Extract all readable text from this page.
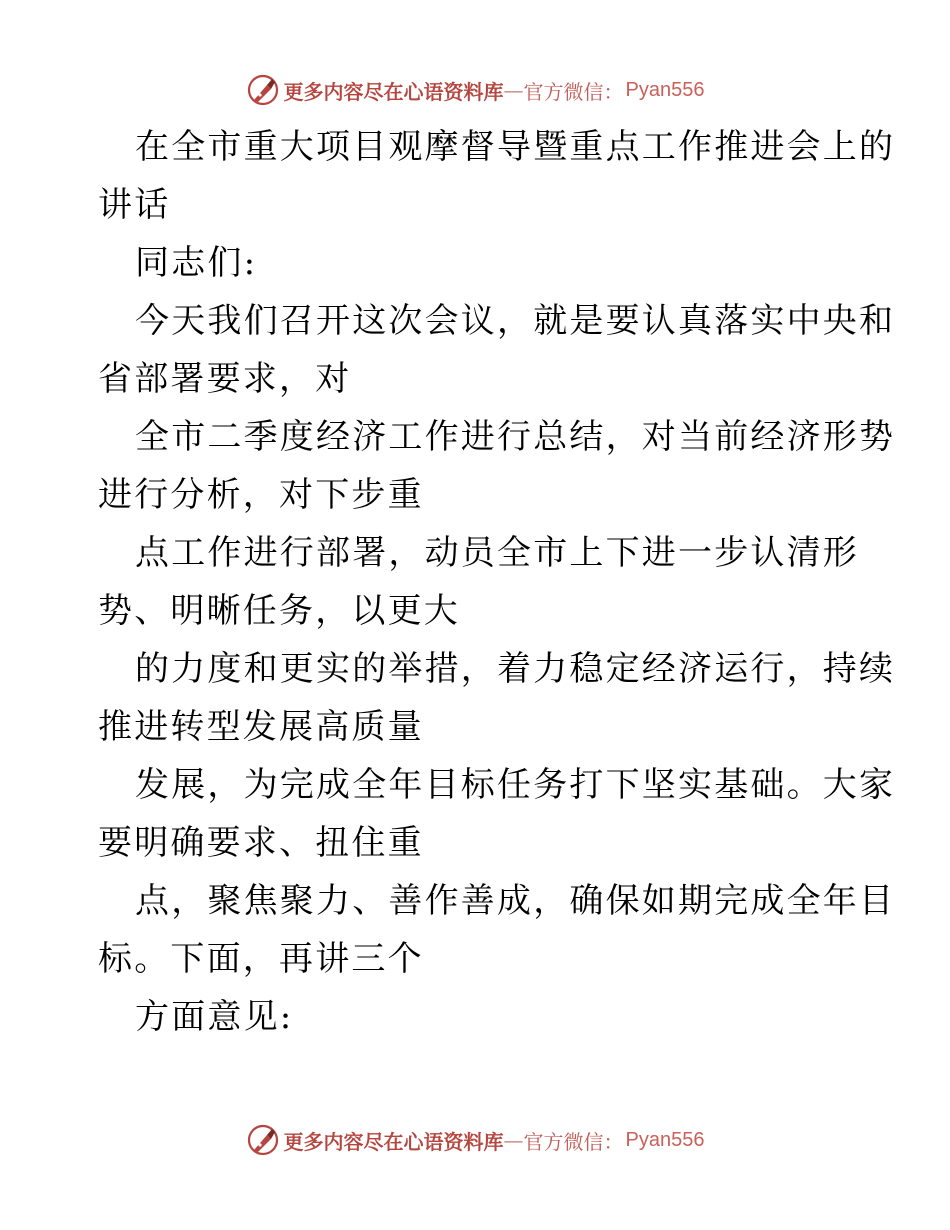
更多内容尽在心语资料库 — 官方微信： Pyan556
在全市重大项目观摩督导暨重点工作推进会上的
讲话
同志们:
今天我们召开这次会议，就是要认真落实中央和
省部署要求，对
全市二季度经济工作进行总结，对当前经济形势
进行分析，对下步重
点工作进行部署，动员全市上下进一步认清形
势、明晰任务，以更大
的力度和更实的举措，着力稳定经济运行，持续
推进转型发展高质量
发展，为完成全年目标任务打下坚实基础。大家
要明确要求、扭住重
点，聚焦聚力、善作善成，确保如期完成全年目
标。下面，再讲三个
方面意见:
更多内容尽在心语资料库 — 官方微信： Pyan556
